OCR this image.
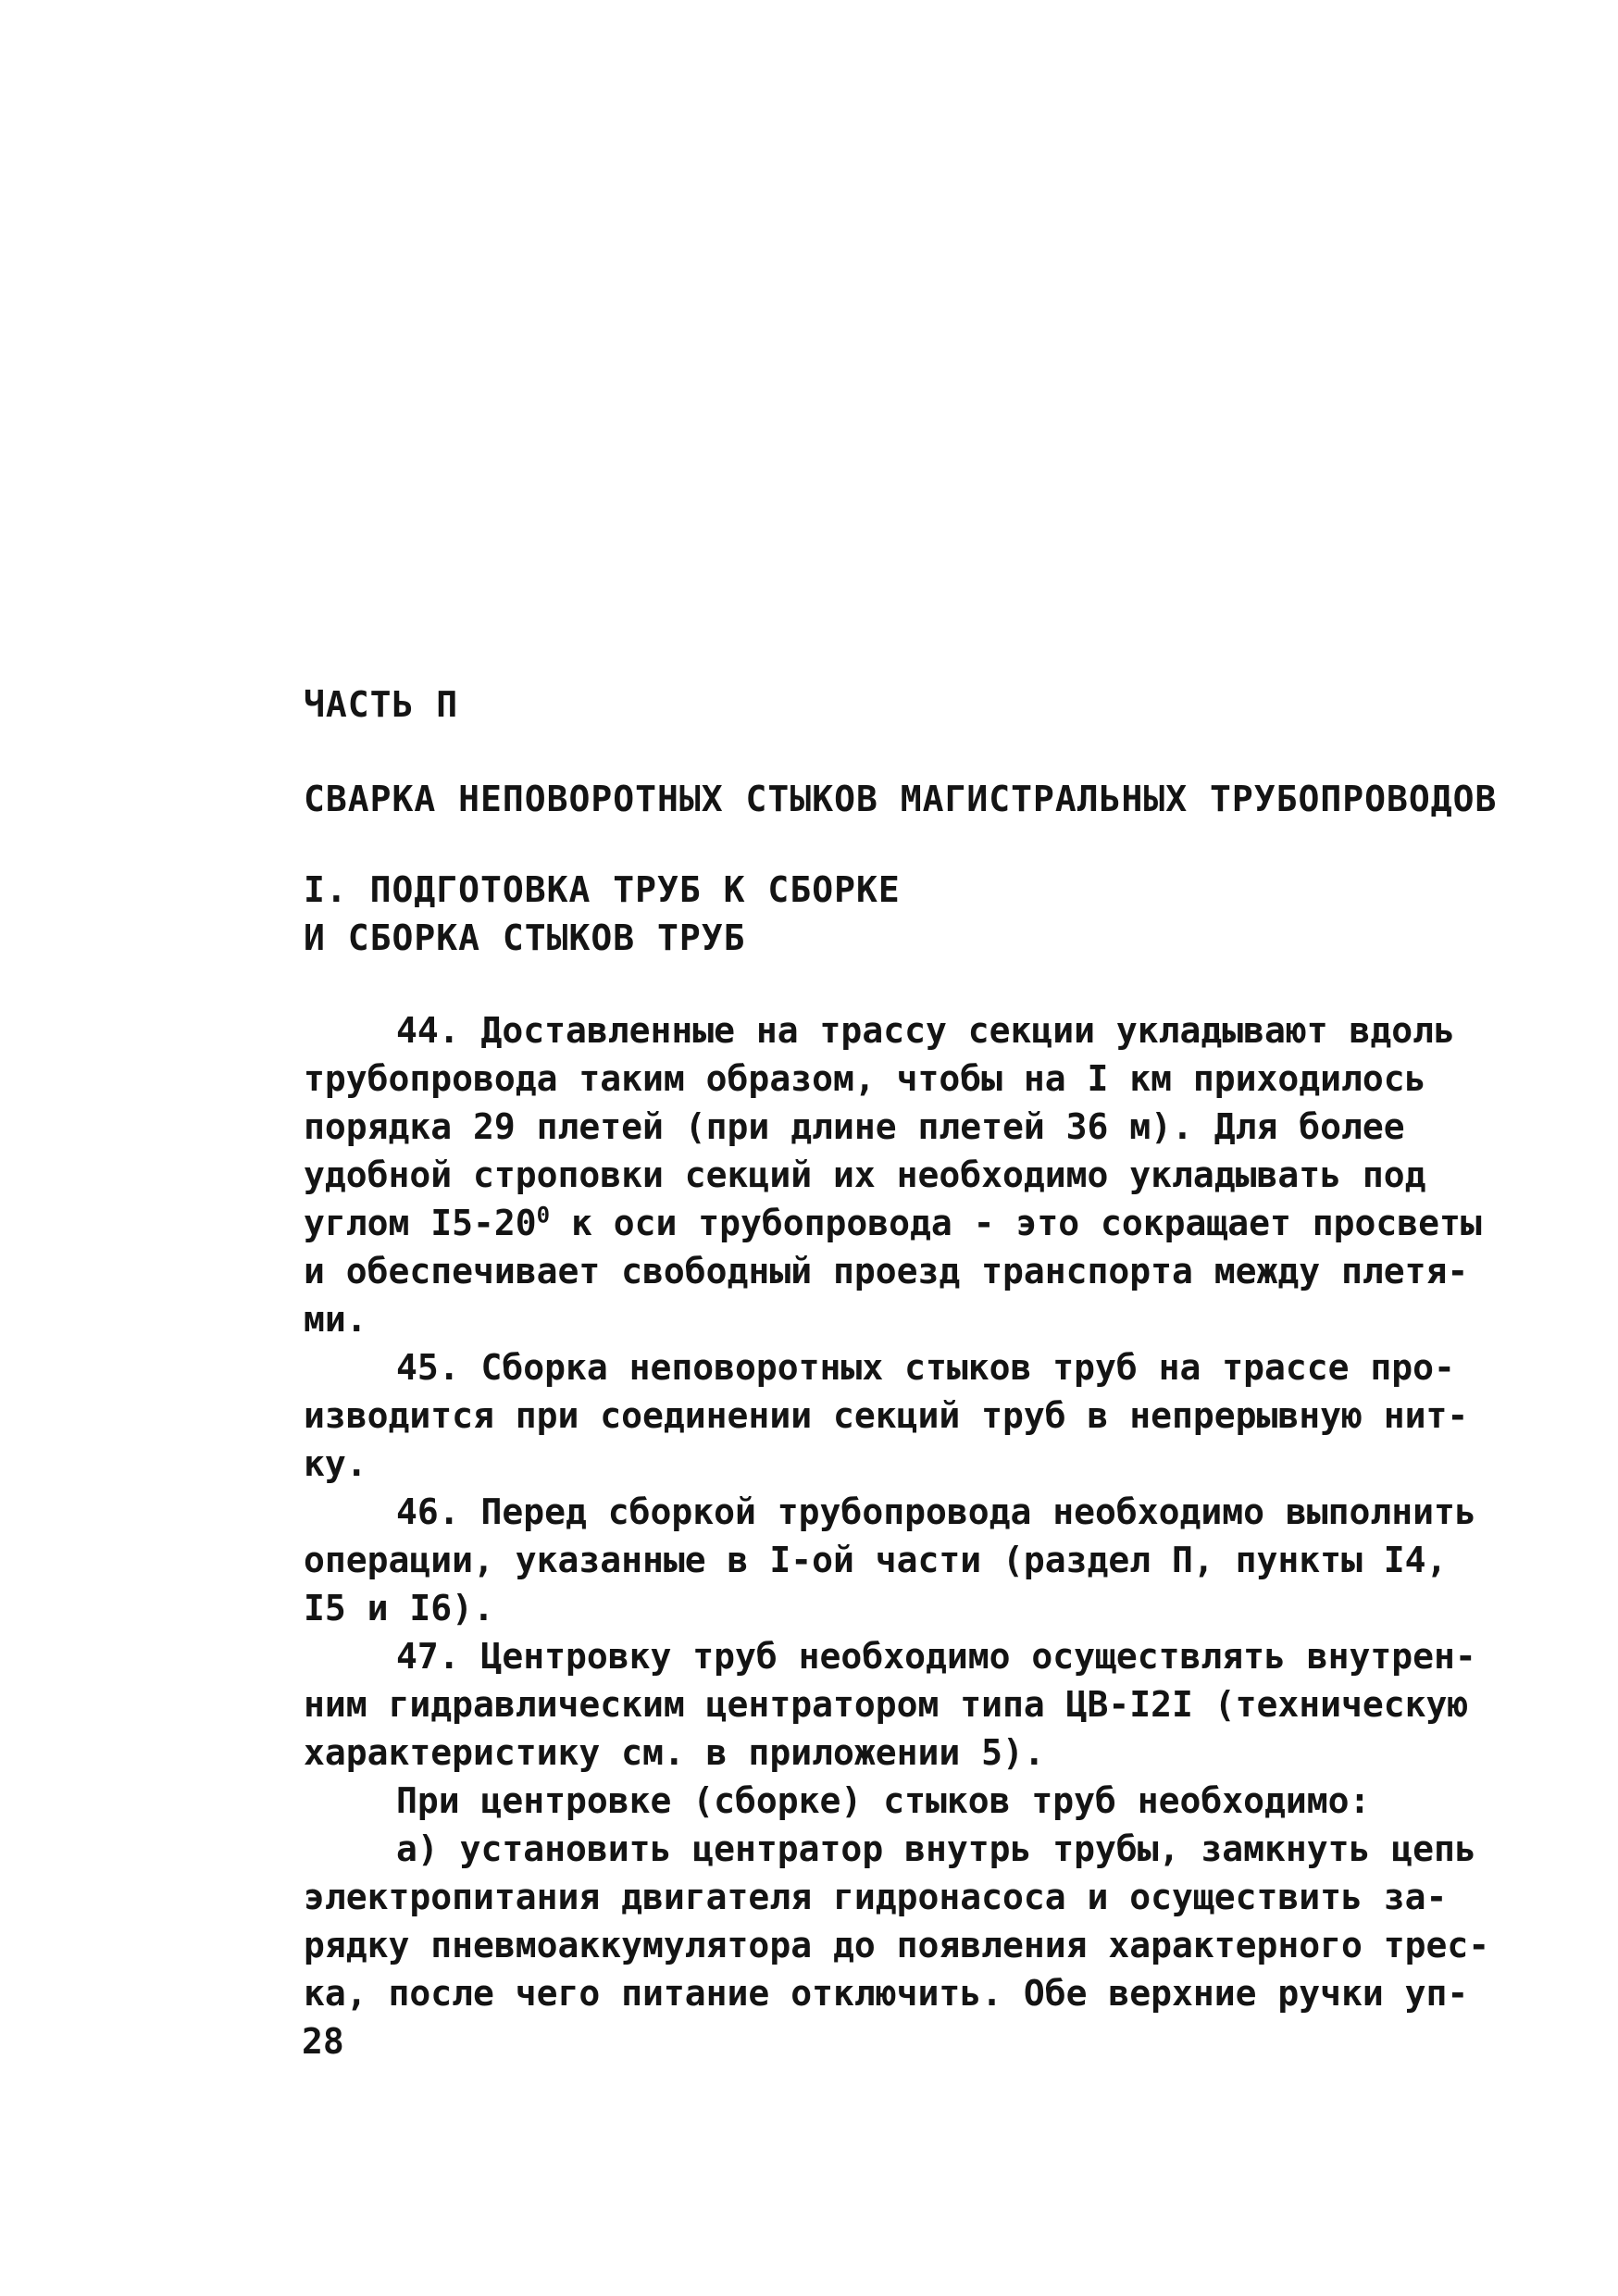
ЧАСТЬ П
СВАРКА НЕПОВОРОТНЫХ СТЫКОВ МАГИСТРАЛЬНЫХ ТРУБОПРОВОДОВ
I. ПОДГОТОВКА ТРУБ К СБОРКЕ
И СБОРКА СТЫКОВ ТРУБ
44. Доставленные на трассу секции укладывают вдоль
трубопровода таким образом, чтобы на I км приходилось
порядка 29 плетей (при длине плетей 36 м). Для более
удобной строповки секций их необходимо укладывать под
углом $I5-20^0$ к оси трубопровода - это сокращает просветы
и обеспечивает свободный проезд транспорта между плетя-
ми.
45. Сборка неповоротных стыков труб на трассе про-
изводится при соединении секций труб в непрерывную нит-
ку.
46. Перед сборкой трубопровода необходимо выполнить
операции, указанные в I-ой части (раздел П, пункты I4,
I5 и I6).
47. Центровку труб необходимо осуществлять внутрен-
ним гидравлическим центратором типа ЦВ-I2I (техническую
характеристику см. в приложении 5).
При центровке (сборке) стыков труб необходимо:
а) установить центратор внутрь трубы, замкнуть цепь
электропитания двигателя гидронасоса и осуществить за-
рядку пневмоаккумулятора до появления характерного трес-
ка, после чего питание отключить. Обе верхние ручки уп-
28
